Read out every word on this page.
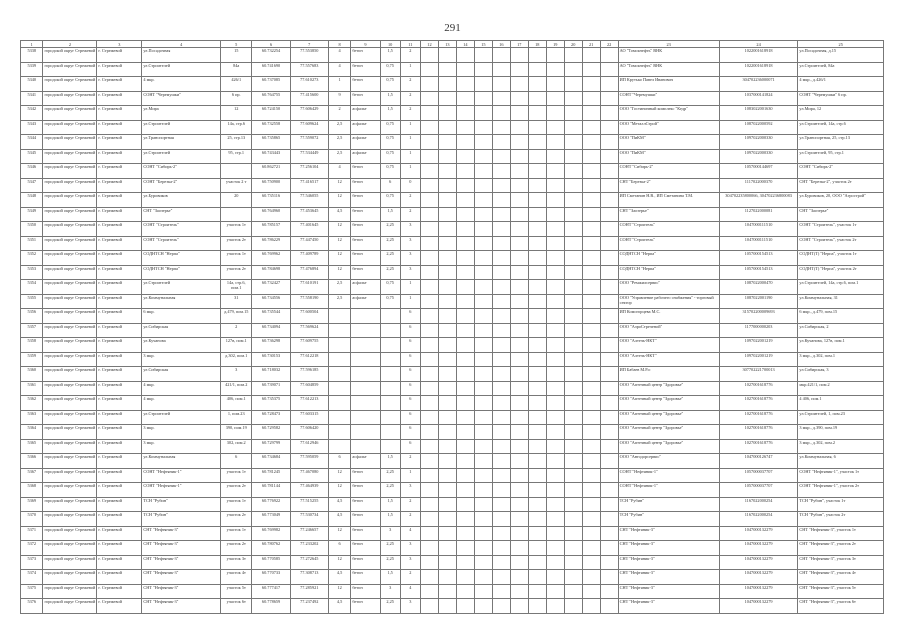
291
1	2	3	4	5	6	7	8	9	10	11	12	13	14	15	16	17	18	19	20	21	22	23	24	25
5338	городской округ Стрежевой	г. Стрежевой	ул.Посадочная	15	60.732254	77.553850	4	бетон	1,5	2												АО "Томскнефть" ВНК	1022001618918	ул.Посадочная, д.15
5339	городской округ Стрежевой	г. Стрежевой	ул.Строителей	84а	60.741690	77.557683	4	бетон	0,75	1												АО "Томскнефть" ВНК	1022001618918	ул.Строителей, 84а
5340	городской округ Стрежевой	г. Стрежевой	4 мкр.	426/1	60.737085	77.610273	1	бетон	0,75	2												ИП Крутько Павел Иванович	304702236000071	4 мкр., д.426/1
5341	городской округ Стрежевой	г. Стрежевой	СОНТ "Черемушки"	6 пр.	60.764755	77.415600	9	бетон	1,5	2												СОНТ "Черемушки"	1037000141824	СОНТ "Черемушки" 6 пр.
5342	городской округ Стрежевой	г. Стрежевой	ул.Мира	12	60.724150	77.606429	2	асфальт	1,5	2												ООО "Гостиничный комплекс "Кедр"	1083022001630	ул.Мира, 12
5343	городской округ Стрежевой	г. Стрежевой	ул.Строителей	14а, стр.6	60.732558	77.609624	2,5	асфальт	0,75	1												ООО "МеталлСтрой"	1087022000592	ул.Строителей, 14а, стр.6
5344	городской округ Стрежевой	г. Стрежевой	ул.Транспортная	25, стр.13	60.735865	77.559072	2,5	асфальт	0,75	1												ООО "ПиКМ"	1097022000330	ул.Транспортная, 25, стр.13
5345	городской округ Стрежевой	г. Стрежевой	ул.Строителей	95, стр.1	60.743443	77.534449	2,5	асфальт	0,75	1												ООО "ПиКМ"	1097022000330	ул.Строителей, 95, стр.1
5346	городской округ Стрежевой	г. Стрежевой	СОНТ "Сибирь-2"		60.862721	77.256104	4	бетон	0,75	1												СОНТ "Сибирь-2"	1057000144697	СОНТ "Сибирь-2"
5347	городской округ Стрежевой	г. Стрежевой	СОНТ "Березка-2"	участок 2 т	60.750900	77.416517	12	бетон	6	0												СНТ "Березка-2"	1117022000370	СНТ "Березка-2", участок 2т
5348	городской округ Стрежевой	г. Стрежевой	ул.Буровиков	20	60.735116	77.546055	12	бетон	0,75	2												ИП Сметанин Н.В., ИП Сметанина Т.М.	304702235800066, 304702236800083	ул.Буровиков, 20, ООО "Агрострой"
5349	городской округ Стрежевой	г. Стрежевой	СНТ "Заозерье"		60.764960	77.453645	4,5	бетон	1,5	2												СНТ "Заозерье"	1127022000081	СНТ "Заозерье"
5350	городской округ Стрежевой	г. Стрежевой	СОНТ "Строитель"	участок 1т	60.785157	77.401645	12	бетон	2,25	3												СОНТ "Строитель"	1047000111510	СОНТ "Строитель", участок 1т
5351	городской округ Стрежевой	г. Стрежевой	СОНТ "Строитель"	участок 2т	60.786229	77.447450	12	бетон	2,25	3												СОНТ "Строитель"	1047000111510	СОНТ "Строитель", участок 2т
5352	городской округ Стрежевой	г. Стрежевой	СОДНТСН "Нерпа"	участок 1т	60.769962	77.409789	12	бетон	2,25	3												СОДНТСН "Нерпа"	1057000154513	СОДНТ(Т) "Нерпа", участок 1т
5353	городской округ Стрежевой	г. Стрежевой	СОДНТСН "Нерпа"	участок 2т	60.784698	77.476894	12	бетон	2,25	3												СОДНТСН "Нерпа"	1057000154513	СОДНТ(Т) "Нерпа", участок 2т
5354	городской округ Стрежевой	г. Стрежевой	ул.Строителей	14а, стр.6, пом.1	60.732427	77.610191	2,5	асфальт	0,75	1												ООО "Ремжилсервис"	1087022000470	ул.Строителей, 14а, стр.6, пом.1
5355	городской округ Стрежевой	г. Стрежевой	ул.Коммунальная	31	60.734556	77.558190	2,5	асфальт	0,75	1												ООО "Управление рабочего снабжения" - торговый сектор	1087022001190	ул.Коммунальная, 31
5356	городской округ Стрежевой	г. Стрежевой	6 мкр.	д.479, пом.15	60.735544	77.600504				6												ИП Комогорцева М.С.	315702200009693	6 мкр., д.479, пом.15
5357	городской округ Стрежевой	г. Стрежевой	ул.Сибирская	2	60.734094	77.569624				6												ООО "АэроСтреченой"	1177000000203	ул.Сибирская, 2
5358	городской округ Стрежевой	г. Стрежевой	ул.Кучанова	127в, пом.1	60.736298	77.609755				6												ООО "Алтечь-НКТ"	1097022001219	ул.Кучанова, 127в, пом.1
5359	городской округ Стрежевой	г. Стрежевой	3 мкр.	д.302, пом.1	60.730153	77.612218				6												ООО "Алтечь-НКТ"	1097022001219	3 мкр., д.302, пом.1
5360	городской округ Стрежевой	г. Стрежевой	ул.Сибирская	3	60.718032	77.596185				6												ИП Бабаев М.Р.о	307702221700013	ул.Сибирская, 3
5361	городской округ Стрежевой	г. Стрежевой	4 мкр.	421/1, пом.2	60.739071	77.604859				6												ООО "Аптечный центр "Здоровье"	1027001618776	мкр.421/1, пом.2
5362	городской округ Стрежевой	г. Стрежевой	4 мкр.	406, пом.1	60.735375	77.612213				6												ООО "Аптечный центр "Здоровье"	1027001618776	4 406, пом.1
5363	городской округ Стрежевой	г. Стрежевой	ул.Строителей	1, пом.23	60.728473	77.603315				6												ООО "Аптечный центр "Здоровье"	1027001618776	ул.Строителей, 1, пом.23
5364	городской округ Стрежевой	г. Стрежевой	3 мкр.	390, пом.19	60.729582	77.606420				6												ООО "Аптечный центр "Здоровье"	1027001618776	3 мкр., д.390, пом.19
5365	городской округ Стрежевой	г. Стрежевой	3 мкр.	302, пом.2	60.729799	77.612946				6												ООО "Аптечный центр "Здоровье"	1027001618776	3 мкр., д.302, пом.2
5366	городской округ Стрежевой	г. Стрежевой	ул.Коммунальная	6	60.734684	77.595059	6	асфальт	1,5	2												ООО "Автодорсервис"	1047000126747	ул.Коммунальная, 6
5367	городской округ Стрежевой	г. Стрежевой	СОНТ "Нефтяник-1"	участок 1т	60.781245	77.467080	12	бетон	2,25	1												СОНТ "Нефтяник-1"	1057000037707	СОНТ "Нефтяник-1", участок 1т
5368	городской округ Стрежевой	г. Стрежевой	СОНТ "Нефтяник-1"	участок 2т	60.781144	77.464939	12	бетон	2,25	3												СОНТ "Нефтяник-1"	1057000037707	СОНТ "Нефтяник-1", участок 2т
5369	городской округ Стрежевой	г. Стрежевой	ТСН "Рубин"	участок 1т	60.776922	77.515255	4,5	бетон	1,5	2												ТСН "Рубин"	1167022000254	ТСН "Рубин", участок 1т
5370	городской округ Стрежевой	г. Стрежевой	ТСН "Рубин"	участок 2т	60.773049	77.530734	4,5	бетон	1,5	2												ТСН "Рубин"	1167022000254	ТСН "Рубин", участок 2т
5371	городской округ Стрежевой	г. Стрежевой	СНТ "Нефтяник-3"	участок 1т	60.769982	77.246657	12	бетон	3	4												СНТ "Нефтяник-3"	1047000132279	СНТ "Нефтяник-3", участок 1т
5372	городской округ Стрежевой	г. Стрежевой	СНТ "Нефтяник-3"	участок 2т	60.780762	77.233202	6	бетон	2,25	3												СНТ "Нефтяник-3"	1047000132279	СНТ "Нефтяник-3", участок 2т
5373	городской округ Стрежевой	г. Стрежевой	СНТ "Нефтяник-3"	участок 3т	60.770585	77.272645	12	бетон	2,25	3												СНТ "Нефтяник-3"	1047000132279	СНТ "Нефтяник-3", участок 3т
5374	городской округ Стрежевой	г. Стрежевой	СНТ "Нефтяник-3"	участок 4т	60.770733	77.308713	4,5	бетон	1,5	2												СНТ "Нефтяник-3"	1047000132279	СНТ "Нефтяник-3", участок 4т
5375	городской округ Стрежевой	г. Стрежевой	СНТ "Нефтяник-3"	участок 5т	60.777417	77.285921	12	бетон	3	4												СНТ "Нефтяник-3"	1047000132279	СНТ "Нефтяник-3", участок 5т
5376	городской округ Стрежевой	г. Стрежевой	СНТ "Нефтяник-3"	участок 6т	60.778659	77.237492	4,5	бетон	2,25	3												СНТ "Нефтяник-3"	1047000132279	СНТ "Нефтяник-3", участок 6т
